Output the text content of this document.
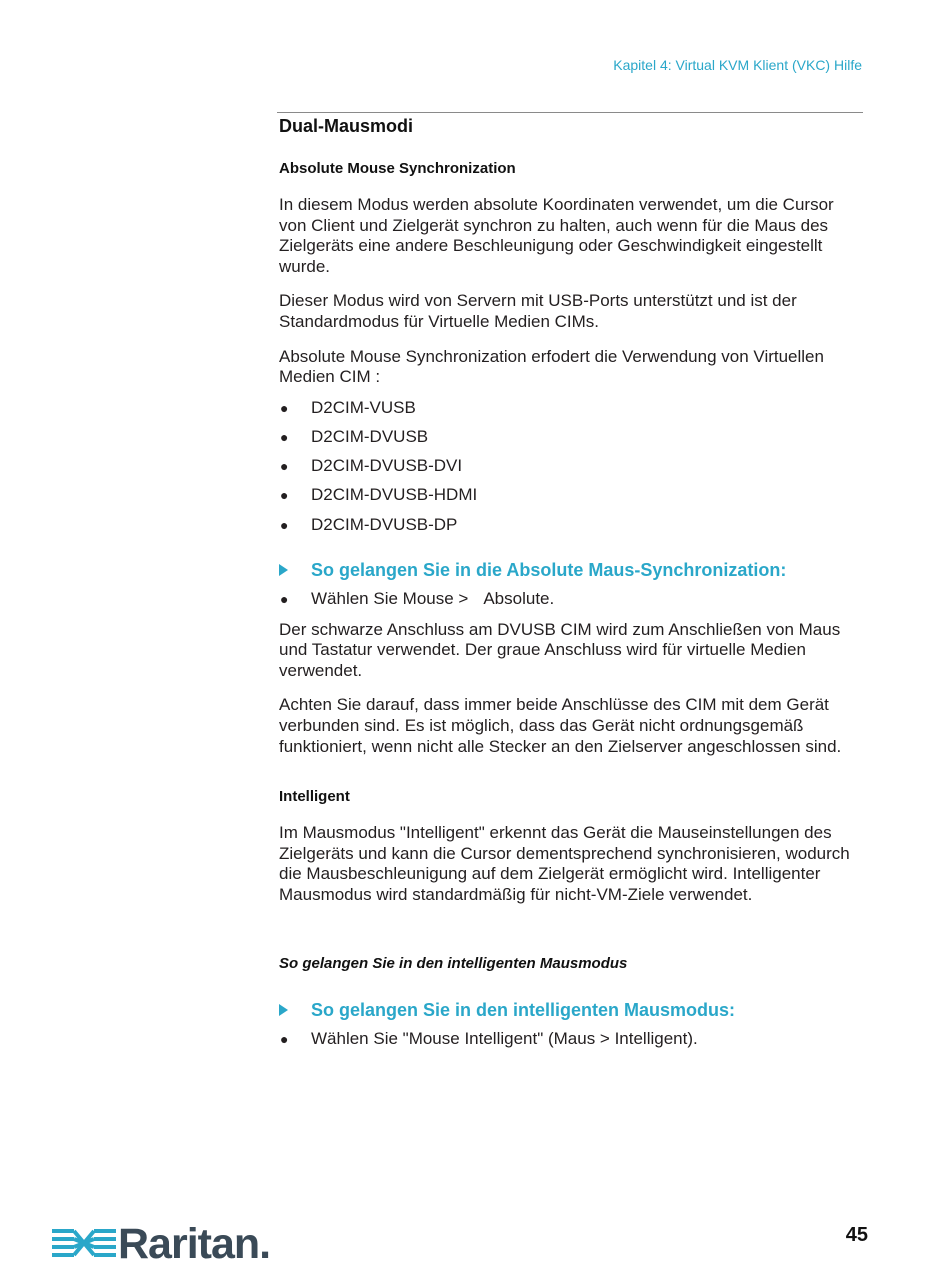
Kapitel 4: Virtual KVM Klient (VKC) Hilfe
Dual-Mausmodi
Absolute Mouse Synchronization

In diesem Modus werden absolute Koordinaten verwendet, um die Cursor von Client und Zielgerät synchron zu halten, auch wenn für die Maus des Zielgeräts eine andere Beschleunigung oder Geschwindigkeit eingestellt wurde.

Dieser Modus wird von Servern mit USB-Ports unterstützt und ist der Standardmodus für Virtuelle Medien CIMs.

Absolute Mouse Synchronization erfodert die Verwendung von Virtuellen Medien CIM :

● D2CIM-VUSB
● D2CIM-DVUSB
● D2CIM-DVUSB-DVI
● D2CIM-DVUSB-HDMI
● D2CIM-DVUSB-DP
So gelangen Sie in die Absolute Maus-Synchronization:
● Wählen Sie Mouse > Absolute.

Der schwarze Anschluss am DVUSB CIM wird zum Anschließen von Maus und Tastatur verwendet. Der graue Anschluss wird für virtuelle Medien verwendet.

Achten Sie darauf, dass immer beide Anschlüsse des CIM mit dem Gerät verbunden sind. Es ist möglich, dass das Gerät nicht ordnungsgemäß funktioniert, wenn nicht alle Stecker an den Zielserver angeschlossen sind.

Intelligent

Im Mausmodus "Intelligent" erkennt das Gerät die Mauseinstellungen des Zielgeräts und kann die Cursor dementsprechend synchronisieren, wodurch die Mausbeschleunigung auf dem Zielgerät ermöglicht wird. Intelligenter Mausmodus wird standardmäßig für nicht-VM-Ziele verwendet.

So gelangen Sie in den intelligenten Mausmodus
So gelangen Sie in den intelligenten Mausmodus:
● Wählen Sie "Mouse Intelligent" (Maus > Intelligent).
Raritan.	45
